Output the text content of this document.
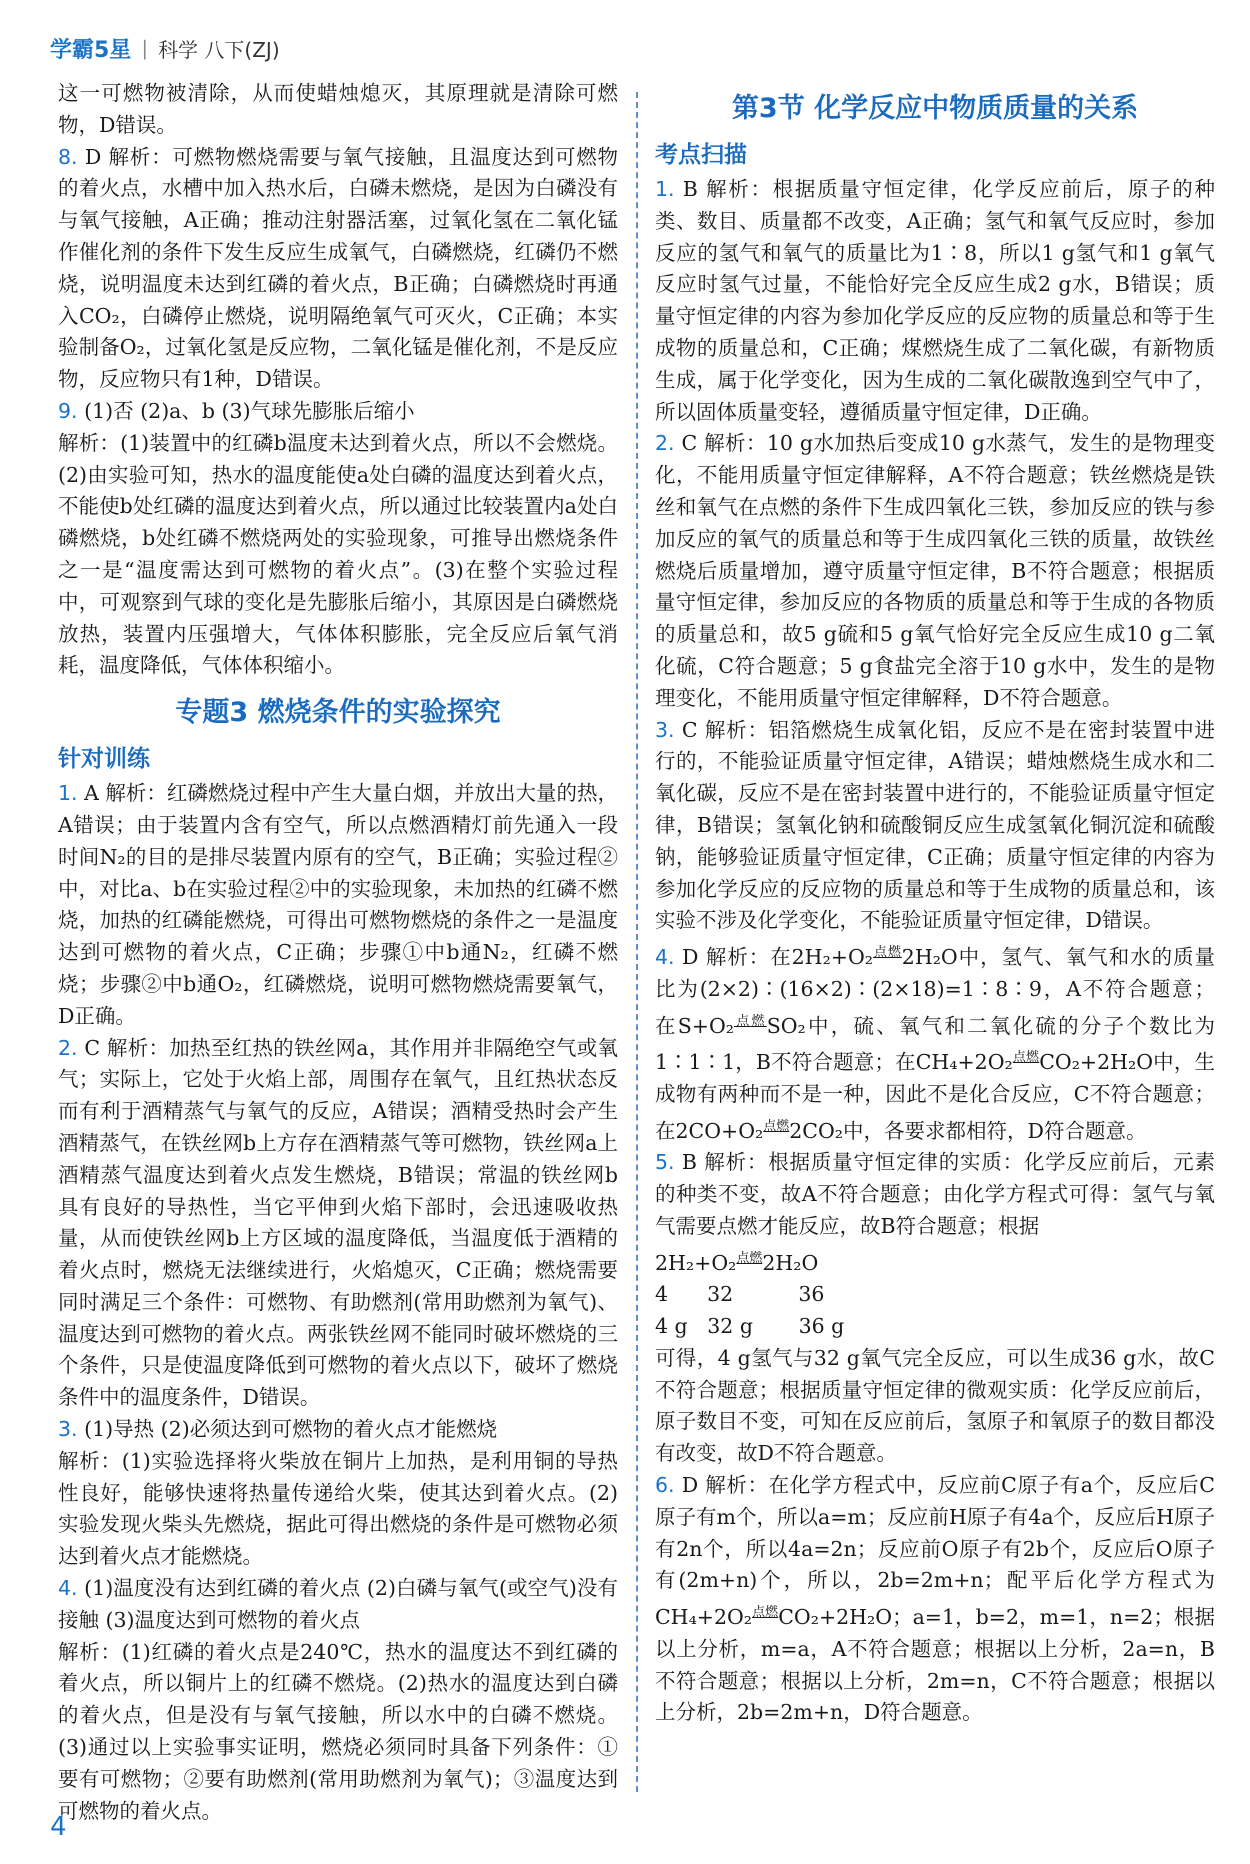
学霸5星 | 科学 八下(ZJ)

这一可燃物被清除，从而使蜡烛熄灭，其原理就是清除可燃物，D错误。

8. D 解析：可燃物燃烧需要与氧气接触，且温度达到可燃物的着火点，水槽中加入热水后，白磷未燃烧，是因为白磷没有与氧气接触，A正确；推动注射器活塞，过氧化氢在二氧化锰作催化剂的条件下发生反应生成氧气，白磷燃烧，红磷仍不燃烧，说明温度未达到红磷的着火点，B正确；白磷燃烧时再通入CO₂，白磷停止燃烧，说明隔绝氧气可灭火，C正确；本实验制备O₂，过氧化氢是反应物，二氧化锰是催化剂，不是反应物，反应物只有1种，D错误。

9. (1)否 (2)a、b (3)气球先膨胀后缩小

解析：(1)装置中的红磷b温度未达到着火点，所以不会燃烧。(2)由实验可知，热水的温度能使a处白磷的温度达到着火点，不能使b处红磷的温度达到着火点，所以通过比较装置内a处白磷燃烧，b处红磷不燃烧两处的实验现象，可推导出燃烧条件之一是“温度需达到可燃物的着火点”。(3)在整个实验过程中，可观察到气球的变化是先膨胀后缩小，其原因是白磷燃烧放热，装置内压强增大，气体体积膨胀，完全反应后氧气消耗，温度降低，气体体积缩小。

专题3 燃烧条件的实验探究
针对训练

1. A 解析：红磷燃烧过程中产生大量白烟，并放出大量的热，A错误；由于装置内含有空气，所以点燃酒精灯前先通入一段时间N₂的目的是排尽装置内原有的空气，B正确；实验过程②中，对比a、b在实验过程②中的实验现象，未加热的红磷不燃烧，加热的红磷能燃烧，可得出可燃物燃烧的条件之一是温度达到可燃物的着火点，C正确；步骤①中b通N₂，红磷不燃烧；步骤②中b通O₂，红磷燃烧，说明可燃物燃烧需要氧气，D正确。

2. C 解析：加热至红热的铁丝网a，其作用并非隔绝空气或氧气；实际上，它处于火焰上部，周围存在氧气，且红热状态反而有利于酒精蒸气与氧气的反应，A错误；酒精受热时会产生酒精蒸气，在铁丝网b上方存在酒精蒸气等可燃物，铁丝网a上酒精蒸气温度达到着火点发生燃烧，B错误；常温的铁丝网b具有良好的导热性，当它平伸到火焰下部时，会迅速吸收热量，从而使铁丝网b上方区域的温度降低，当温度低于酒精的着火点时，燃烧无法继续进行，火焰熄灭，C正确；燃烧需要同时满足三个条件：可燃物、有助燃剂(常用助燃剂为氧气)、温度达到可燃物的着火点。两张铁丝网不能同时破坏燃烧的三个条件，只是使温度降低到可燃物的着火点以下，破坏了燃烧条件中的温度条件，D错误。

3. (1)导热 (2)必须达到可燃物的着火点才能燃烧

解析：(1)实验选择将火柴放在铜片上加热，是利用铜的导热性良好，能够快速将热量传递给火柴，使其达到着火点。(2)实验发现火柴头先燃烧，据此可得出燃烧的条件是可燃物必须达到着火点才能燃烧。

4. (1)温度没有达到红磷的着火点 (2)白磷与氧气(或空气)没有接触 (3)温度达到可燃物的着火点

解析：(1)红磷的着火点是240℃，热水的温度达不到红磷的着火点，所以铜片上的红磷不燃烧。(2)热水的温度达到白磷的着火点，但是没有与氧气接触，所以水中的白磷不燃烧。(3)通过以上实验事实证明，燃烧必须同时具备下列条件：①要有可燃物；②要有助燃剂(常用助燃剂为氧气)；③温度达到可燃物的着火点。

第3节 化学反应中物质质量的关系
考点扫描

1. B 解析：根据质量守恒定律，化学反应前后，原子的种类、数目、质量都不改变，A正确；氢气和氧气反应时，参加反应的氢气和氧气的质量比为1∶8，所以1 g氢气和1 g氧气反应时氢气过量，不能恰好完全反应生成2 g水，B错误；质量守恒定律的内容为参加化学反应的反应物的质量总和等于生成物的质量总和，C正确；煤燃烧生成了二氧化碳，有新物质生成，属于化学变化，因为生成的二氧化碳散逸到空气中了，所以固体质量变轻，遵循质量守恒定律，D正确。

2. C 解析：10 g水加热后变成10 g水蒸气，发生的是物理变化，不能用质量守恒定律解释，A不符合题意；铁丝燃烧是铁丝和氧气在点燃的条件下生成四氧化三铁，参加反应的铁与参加反应的氧气的质量总和等于生成四氧化三铁的质量，故铁丝燃烧后质量增加，遵守质量守恒定律，B不符合题意；根据质量守恒定律，参加反应的各物质的质量总和等于生成的各物质的质量总和，故5 g硫和5 g氧气恰好完全反应生成10 g二氧化硫，C符合题意；5 g食盐完全溶于10 g水中，发生的是物理变化，不能用质量守恒定律解释，D不符合题意。

3. C 解析：铝箔燃烧生成氧化铝，反应不是在密封装置中进行的，不能验证质量守恒定律，A错误；蜡烛燃烧生成水和二氧化碳，反应不是在密封装置中进行的，不能验证质量守恒定律，B错误；氢氧化钠和硫酸铜反应生成氢氧化铜沉淀和硫酸钠，能够验证质量守恒定律，C正确；质量守恒定律的内容为参加化学反应的反应物的质量总和等于生成物的质量总和，该实验不涉及化学变化，不能验证质量守恒定律，D错误。

4. D 解析：在2H₂+O₂$^{点燃}$2H₂O中，氢气、氧气和水的质量比为(2×2)∶(16×2)∶(2×18)=1∶8∶9，A不符合题意；在S+O₂$^{点燃}$SO₂中，硫、氧气和二氧化硫的分子个数比为1∶1∶1，B不符合题意；在CH₄+2O₂$^{点燃}$CO₂+2H₂O中，生成物有两种而不是一种，因此不是化合反应，C不符合题意；在2CO+O₂$^{点燃}$2CO₂中，各要求都相符，D符合题意。

5. B 解析：根据质量守恒定律的实质：化学反应前后，元素的种类不变，故A不符合题意；由化学方程式可得：氢气与氧气需要点燃才能反应，故B符合题意；根据

2H₂+O₂$^{点燃}$2H₂O

4      32          36

4 g   32 g       36 g

可得，4 g氢气与32 g氧气完全反应，可以生成36 g水，故C不符合题意；根据质量守恒定律的微观实质：化学反应前后，原子数目不变，可知在反应前后，氢原子和氧原子的数目都没有改变，故D不符合题意。

6. D 解析：在化学方程式中，反应前C原子有a个，反应后C原子有m个，所以a=m；反应前H原子有4a个，反应后H原子有2n个，所以4a=2n；反应前O原子有2b个，反应后O原子有(2m+n)个，所以，2b=2m+n；配平后化学方程式为CH₄+2O₂$^{点燃}$CO₂+2H₂O；a=1，b=2，m=1，n=2；根据以上分析，m=a，A不符合题意；根据以上分析，2a=n，B不符合题意；根据以上分析，2m=n，C不符合题意；根据以上分析，2b=2m+n，D符合题意。

4
